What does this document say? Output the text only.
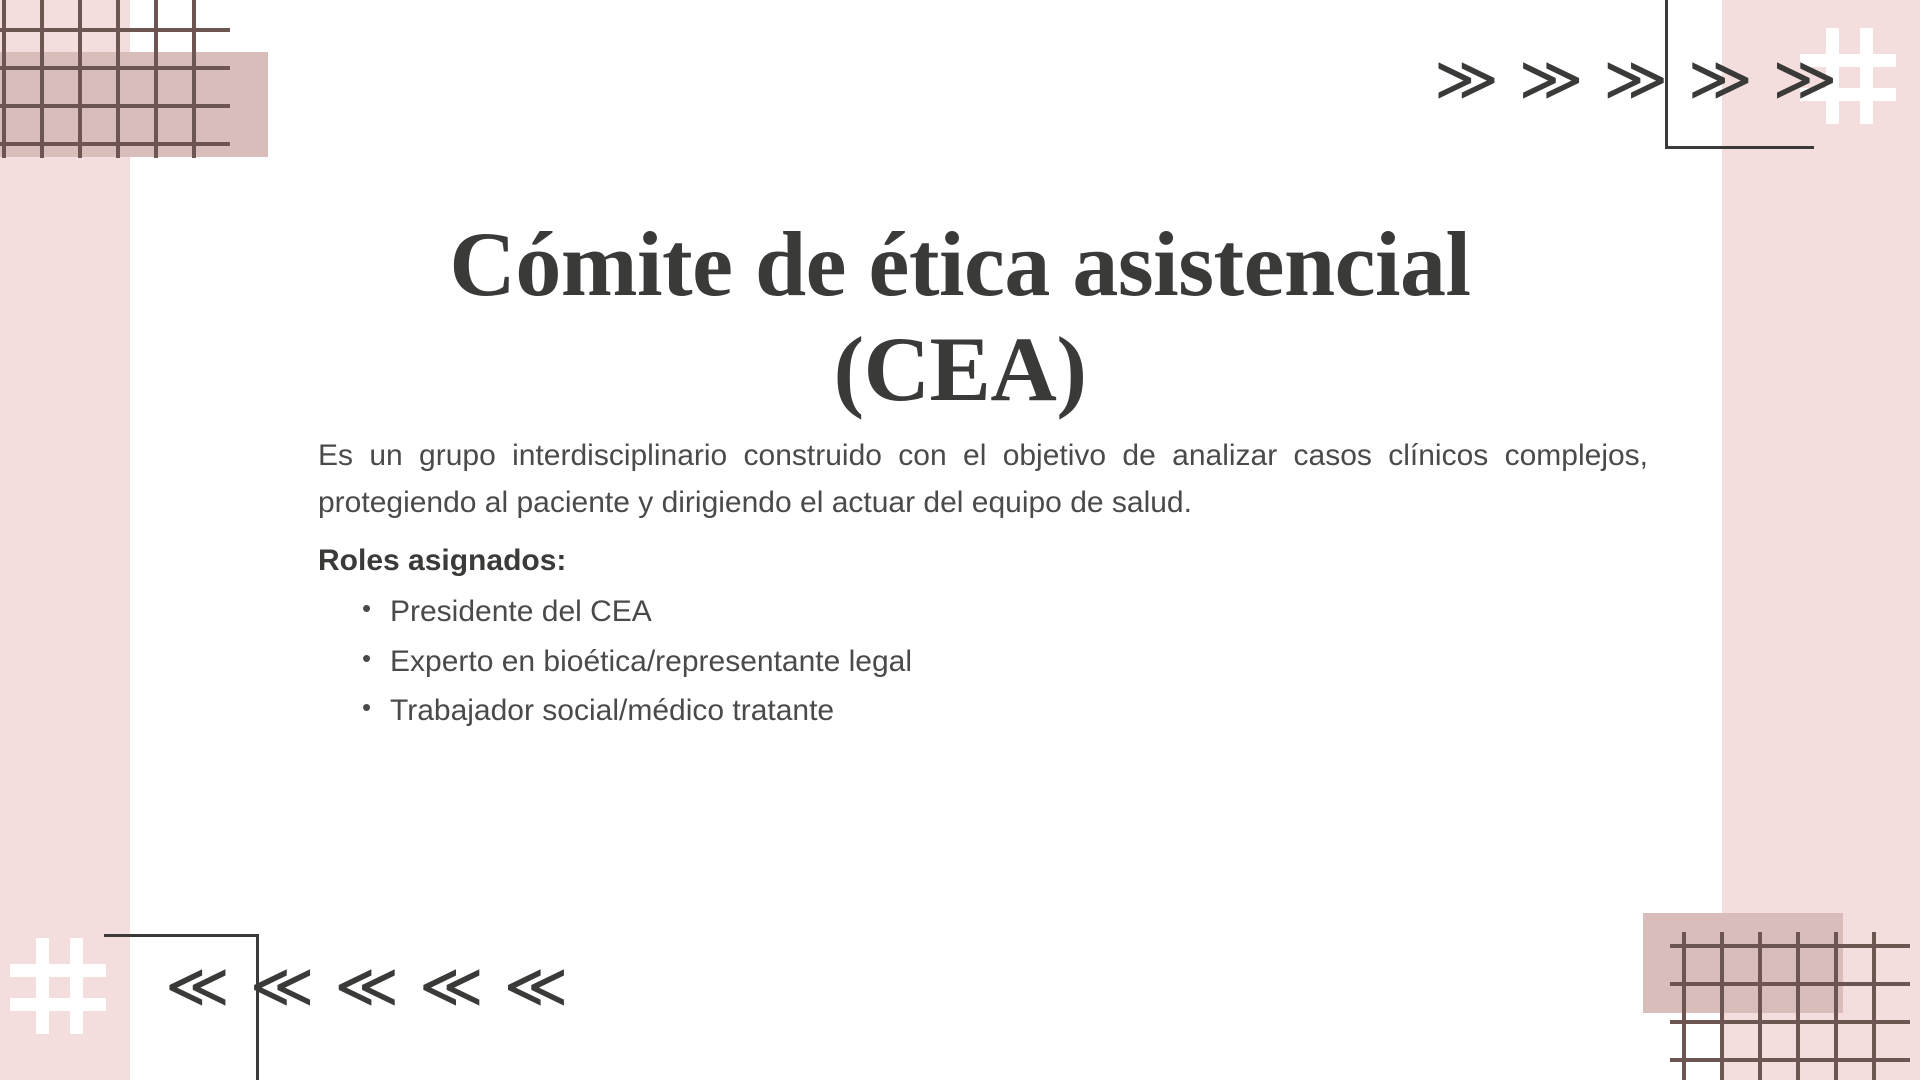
≫ ≫ ≫ ≫ ≫
≪ ≪ ≪ ≪ ≪
Cómite de ética asistencial (CEA)

Es un grupo interdisciplinario construido con el objetivo de analizar casos clínicos complejos, protegiendo al paciente y dirigiendo el actuar del equipo de salud.

Roles asignados:

• Presidente del CEA
• Experto en bioética/representante legal
• Trabajador social/médico tratante
